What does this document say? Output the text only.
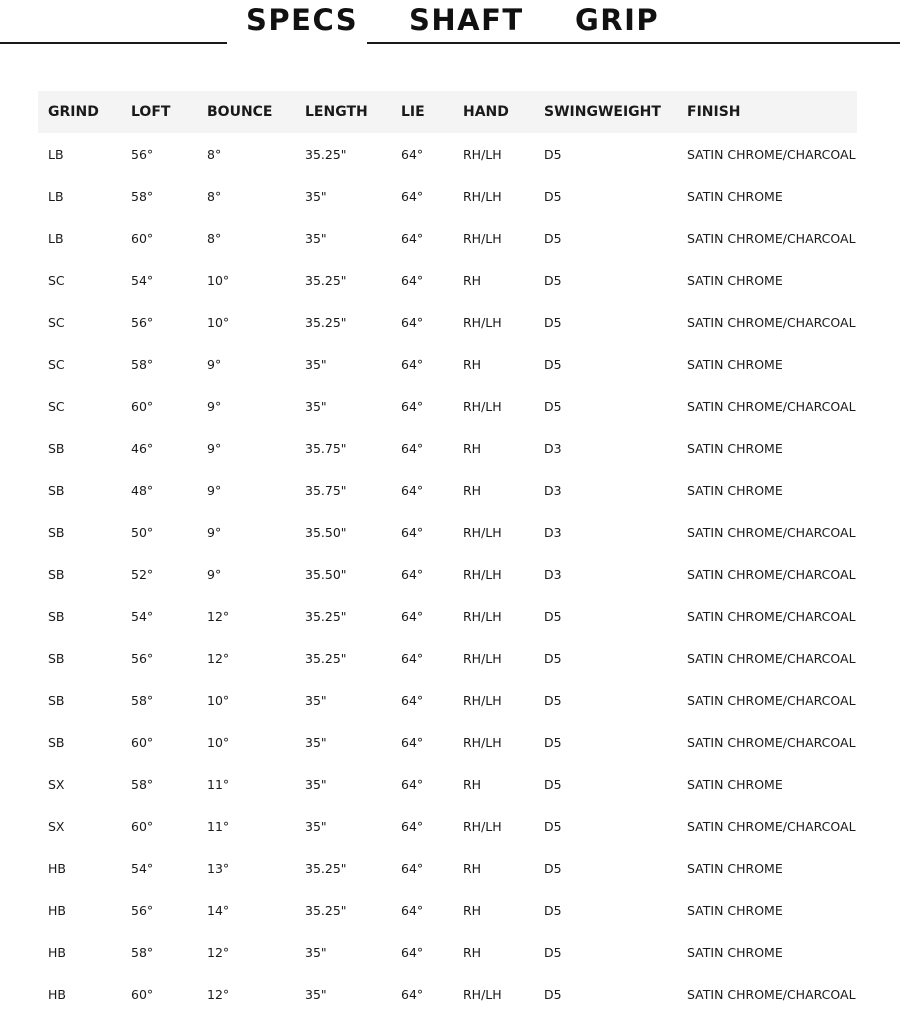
SPECS SHAFT GRIP
GRIND	LOFT	BOUNCE	LENGTH	LIE	HAND	SWINGWEIGHT	FINISH
LB	56°	8°	35.25"	64°	RH/LH	D5	SATIN CHROME/CHARCOAL
LB	58°	8°	35"	64°	RH/LH	D5	SATIN CHROME
LB	60°	8°	35"	64°	RH/LH	D5	SATIN CHROME/CHARCOAL
SC	54°	10°	35.25"	64°	RH	D5	SATIN CHROME
SC	56°	10°	35.25"	64°	RH/LH	D5	SATIN CHROME/CHARCOAL
SC	58°	9°	35"	64°	RH	D5	SATIN CHROME
SC	60°	9°	35"	64°	RH/LH	D5	SATIN CHROME/CHARCOAL
SB	46°	9°	35.75"	64°	RH	D3	SATIN CHROME
SB	48°	9°	35.75"	64°	RH	D3	SATIN CHROME
SB	50°	9°	35.50"	64°	RH/LH	D3	SATIN CHROME/CHARCOAL
SB	52°	9°	35.50"	64°	RH/LH	D3	SATIN CHROME/CHARCOAL
SB	54°	12°	35.25"	64°	RH/LH	D5	SATIN CHROME/CHARCOAL
SB	56°	12°	35.25"	64°	RH/LH	D5	SATIN CHROME/CHARCOAL
SB	58°	10°	35"	64°	RH/LH	D5	SATIN CHROME/CHARCOAL
SB	60°	10°	35"	64°	RH/LH	D5	SATIN CHROME/CHARCOAL
SX	58°	11°	35"	64°	RH	D5	SATIN CHROME
SX	60°	11°	35"	64°	RH/LH	D5	SATIN CHROME/CHARCOAL
HB	54°	13°	35.25"	64°	RH	D5	SATIN CHROME
HB	56°	14°	35.25"	64°	RH	D5	SATIN CHROME
HB	58°	12°	35"	64°	RH	D5	SATIN CHROME
HB	60°	12°	35"	64°	RH/LH	D5	SATIN CHROME/CHARCOAL
